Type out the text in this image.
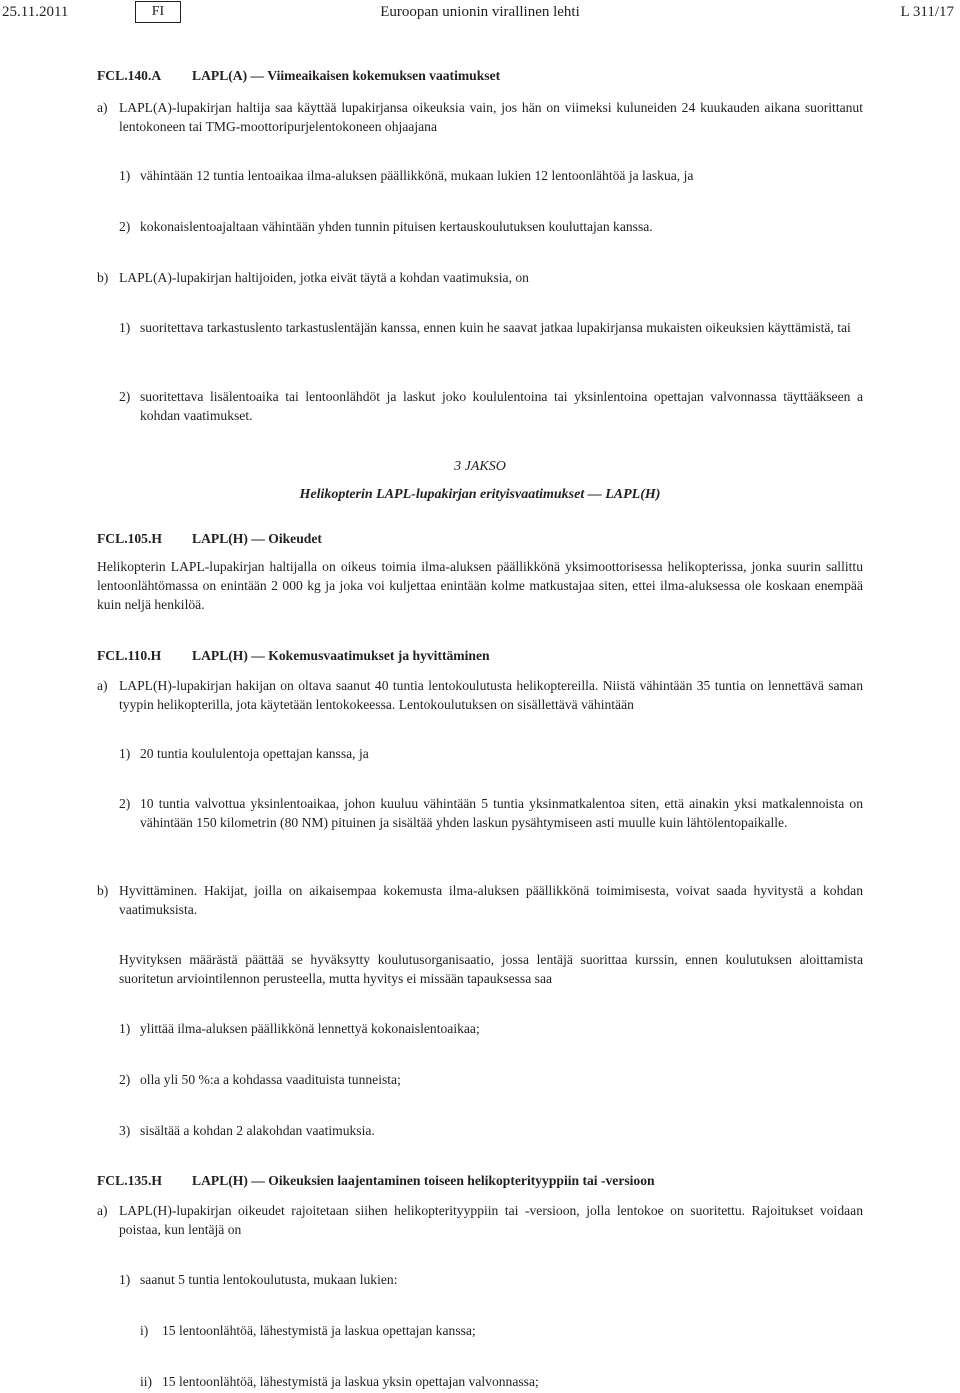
25.11.2011	FI	Euroopan unionin virallinen lehti	L 311/17
FCL.140.A LAPL(A) — Viimeaikaisen kokemuksen vaatimukset
a) LAPL(A)-lupakirjan haltija saa käyttää lupakirjansa oikeuksia vain, jos hän on viimeksi kuluneiden 24 kuukauden aikana suorittanut lentokoneen tai TMG-moottoripurjelentokoneen ohjaajana

1) vähintään 12 tuntia lentoaikaa ilma-aluksen päällikkönä, mukaan lukien 12 lentoonlähtöä ja laskua, ja

2) kokonaislentoajaltaan vähintään yhden tunnin pituisen kertauskoulutuksen kouluttajan kanssa.

b) LAPL(A)-lupakirjan haltijoiden, jotka eivät täytä a kohdan vaatimuksia, on

1) suoritettava tarkastuslento tarkastuslentäjän kanssa, ennen kuin he saavat jatkaa lupakirjansa mukaisten oikeuksien käyttämistä, tai

2) suoritettava lisälentoaika tai lentoonlähdöt ja laskut joko koululentoina tai yksinlentoina opettajan valvonnassa täyttääkseen a kohdan vaatimukset.

FCL.105.H LAPL(H) — Oikeudet

Helikopterin LAPL-lupakirjan haltijalla on oikeus toimia ilma-aluksen päällikkönä yksimoottorisessa helikopterissa, jonka suurin sallittu lentoonlähtömassa on enintään 2 000 kg ja joka voi kuljettaa enintään kolme matkustajaa siten, ettei ilma-aluksessa ole koskaan enempää kuin neljä henkilöä.

FCL.110.H LAPL(H) — Kokemusvaatimukset ja hyvittäminen
a) LAPL(H)-lupakirjan hakijan on oltava saanut 40 tuntia lentokoulutusta helikoptereilla. Niistä vähintään 35 tuntia on lennettävä saman tyypin helikopterilla, jota käytetään lentokokeessa. Lentokoulutuksen on sisällettävä vähintään

1) 20 tuntia koululentoja opettajan kanssa, ja

2) 10 tuntia valvottua yksinlentoaikaa, johon kuuluu vähintään 5 tuntia yksinmatkalentoa siten, että ainakin yksi matkalennoista on vähintään 150 kilometrin (80 NM) pituinen ja sisältää yhden laskun pysähtymiseen asti muulle kuin lähtölentopaikalle.

b) Hyvittäminen. Hakijat, joilla on aikaisempaa kokemusta ilma-aluksen päällikkönä toimimisesta, voivat saada hyvitystä a kohdan vaatimuksista.

Hyvityksen määrästä päättää se hyväksytty koulutusorganisaatio, jossa lentäjä suorittaa kurssin, ennen koulutuksen aloittamista suoritetun arviointilennon perusteella, mutta hyvitys ei missään tapauksessa saa

1) ylittää ilma-aluksen päällikkönä lennettyä kokonaislentoaikaa;

2) olla yli 50 %:a a kohdassa vaadituista tunneista;

3) sisältää a kohdan 2 alakohdan vaatimuksia.

FCL.135.H LAPL(H) — Oikeuksien laajentaminen toiseen helikopterityyppiin tai -versioon
a) LAPL(H)-lupakirjan oikeudet rajoitetaan siihen helikopterityyppiin tai -versioon, jolla lentokoe on suoritettu. Rajoitukset voidaan poistaa, kun lentäjä on

1) saanut 5 tuntia lentokoulutusta, mukaan lukien:

i)	15 lentoonlähtöä, lähestymistä ja laskua opettajan kanssa;

ii) 15 lentoonlähtöä, lähestymistä ja laskua yksin opettajan valvonnassa;

3 JAKSO
Helikopterin LAPL-lupakirjan erityisvaatimukset — LAPL(H)
